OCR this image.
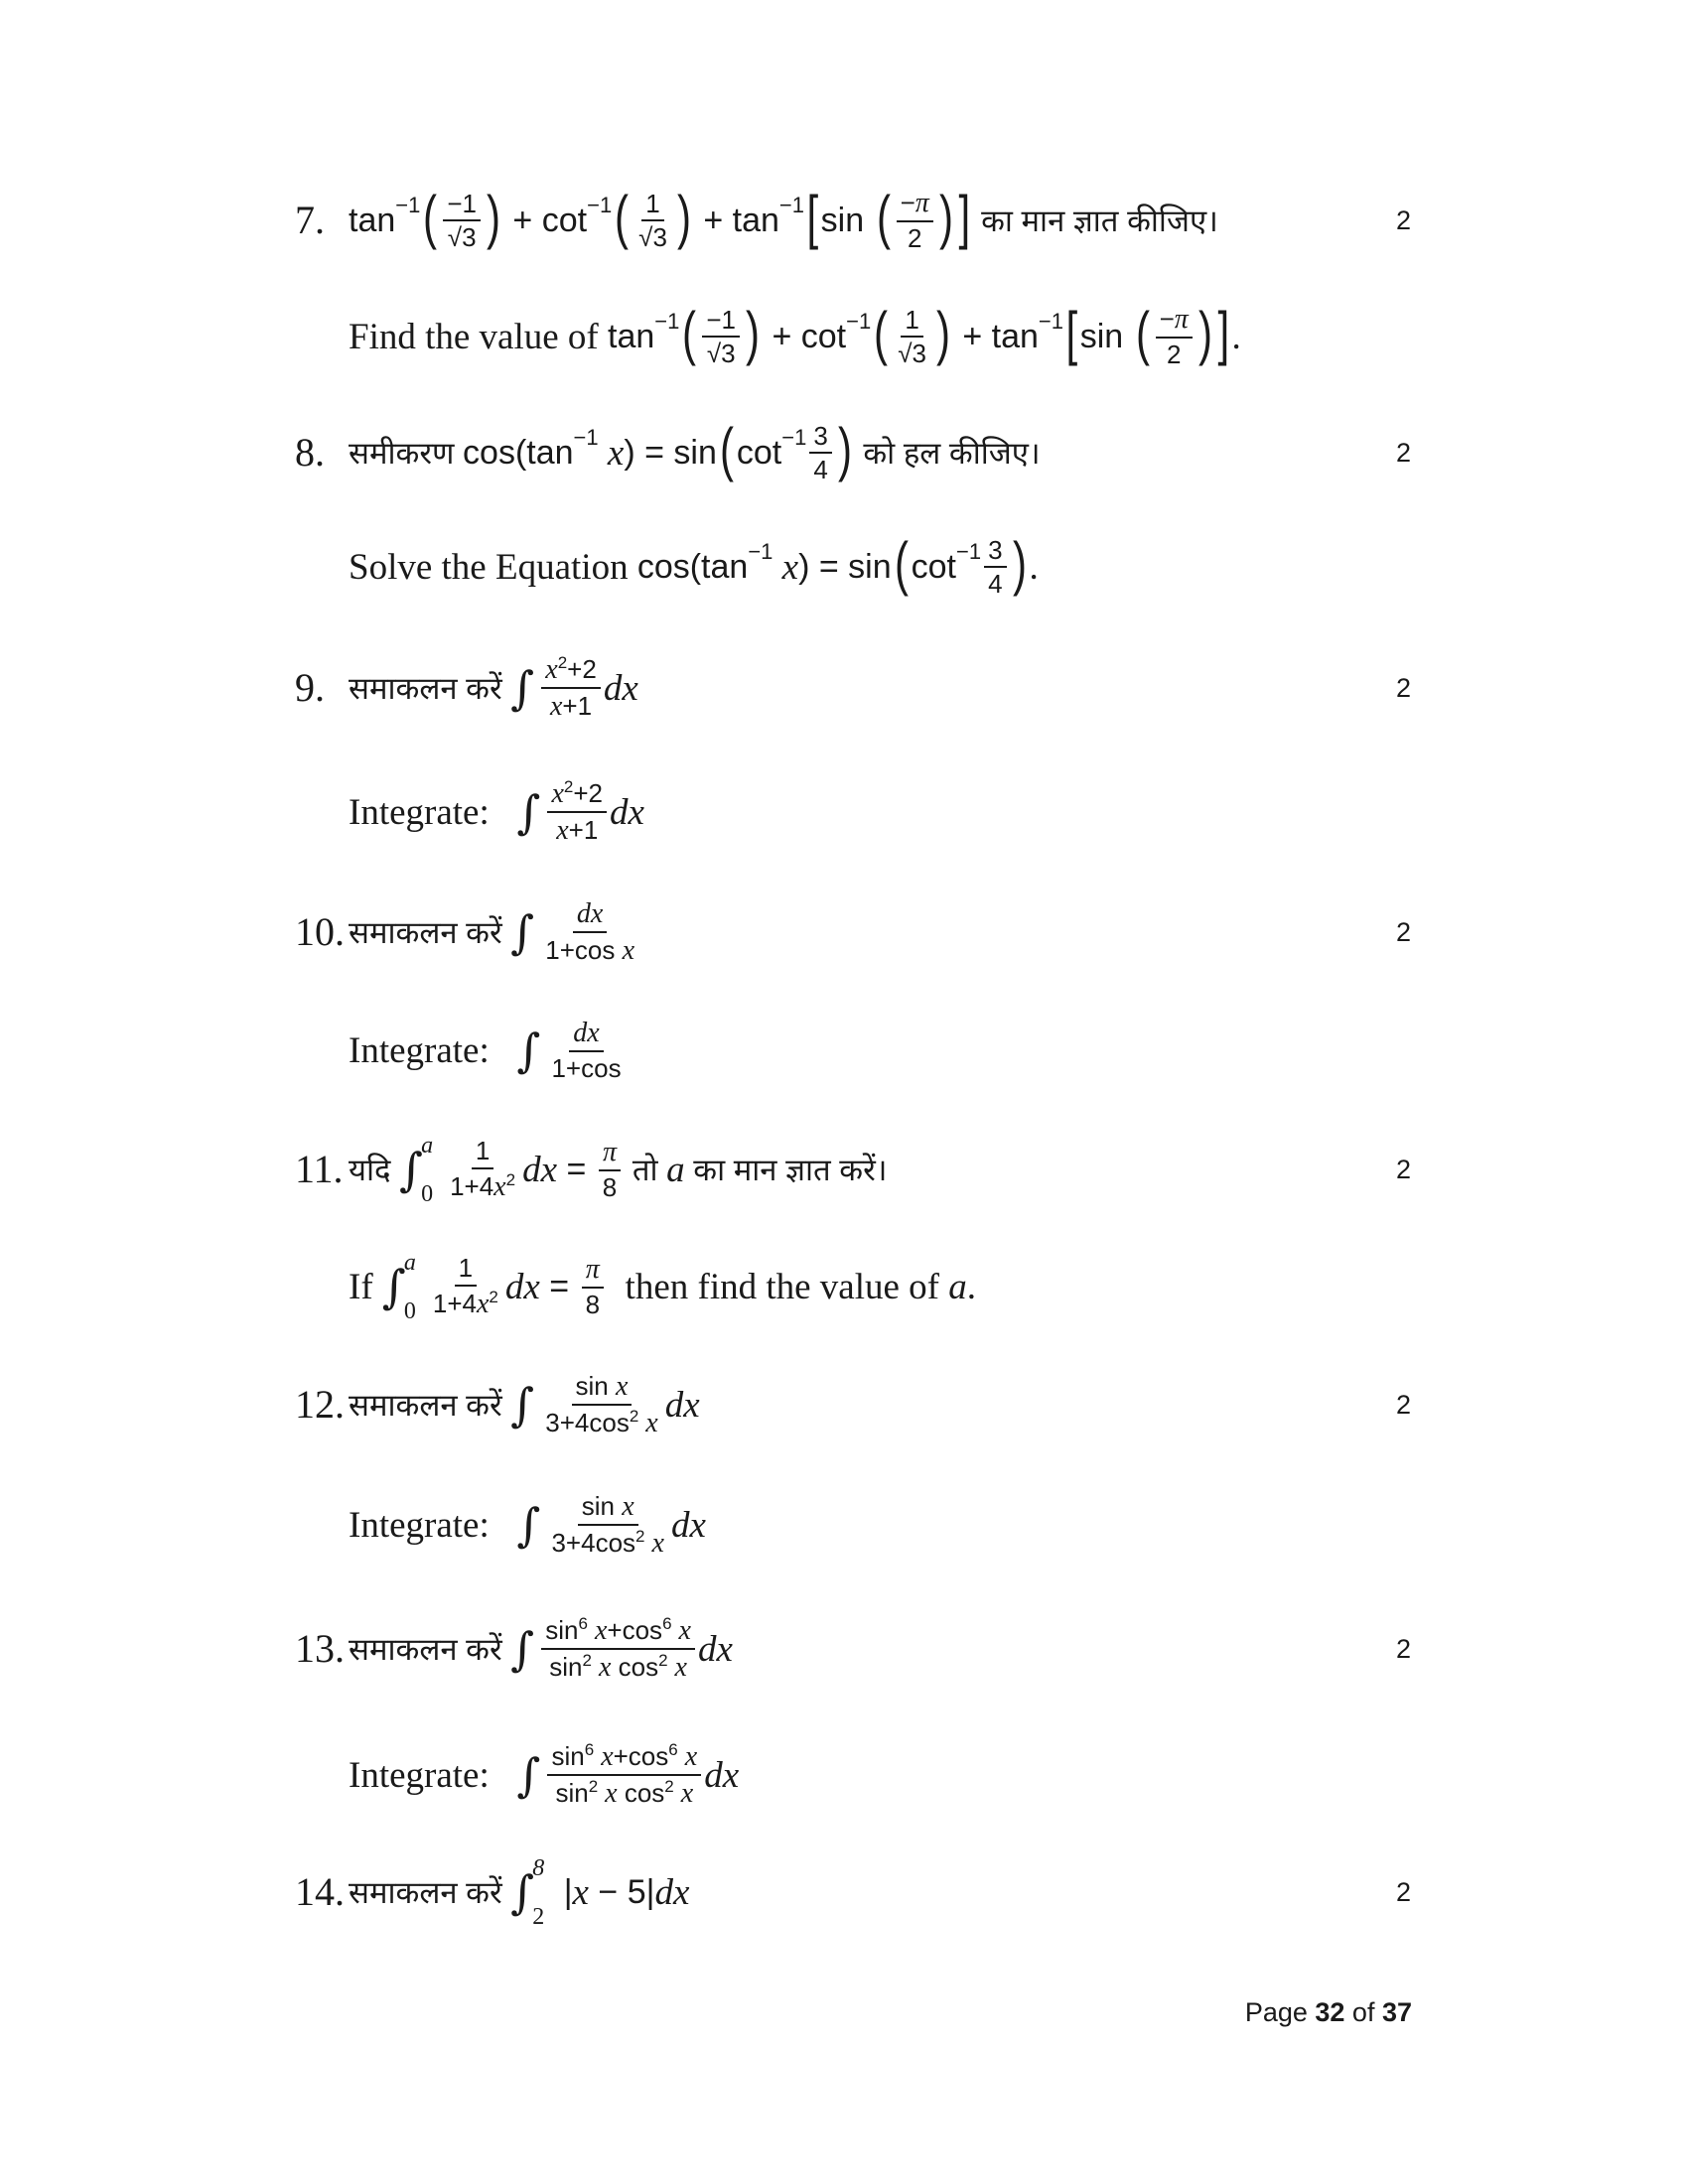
7. tan −1 ( $\frac{-1}{√3}$ ) + cot −1 ( $\frac{1}{√3}$ ) + tan −1 [ sin ( $\frac{-\pi}{2}$ ) ] का मान ज्ञात कीजिए।	2
Find the value of tan −1 ( $\frac{-1}{√3}$ ) + cot −1 ( $\frac{1}{√3}$ ) + tan −1 [ sin ( $\frac{-\pi}{2}$ ) ] .
8. समीकरण cos(tan −1 x ) = sin ( $\cot -1 \frac{3}{4}$ ) को हल कीजिए।	2
Solve the Equation cos(tan −1 x ) = sin ( $\cot -1 \frac{3}{4}$ ) .
9. समाकलन करें ∫ $\frac{x^2+2}{x+1}$ dx	2
Integrate: ∫ $\frac{x^2+2}{x+1}$ dx
10. समाकलन करें ∫ $\frac{dx}{\text{1+cos x}}$	2
Integrate: ∫ $\frac{dx}{1+\cos}$
11. यदि ∫
a
$0 \frac{1}{1+4x^2}$ dx = $\frac{\pi}{8}$ तो a का मान ज्ञात करें।	2
If ∫
a
$0 \frac{1}{1+4x^2}$ dx = $\frac{\pi}{8}$ then find the value of a .
12. समाकलन करें ∫ $\frac{\text{sin x}}{3+4\cos^2 x}$ dx	2
Integrate: ∫ $\frac{\text{sin x}}{3+4\cos^2 x}$ dx
13. समाकलन करें ∫ $\frac{\sin^6 x+\cos^6 x}{\sin^2 x \cos^2 x}$ dx	2
Integrate: ∫ $\frac{\sin^6 x+\cos^6 x}{\sin^2 x \cos^2 x}$ dx
14. समाकलन करें ∫
8
2
| x − 5| dx	2
Page 32 of 37
